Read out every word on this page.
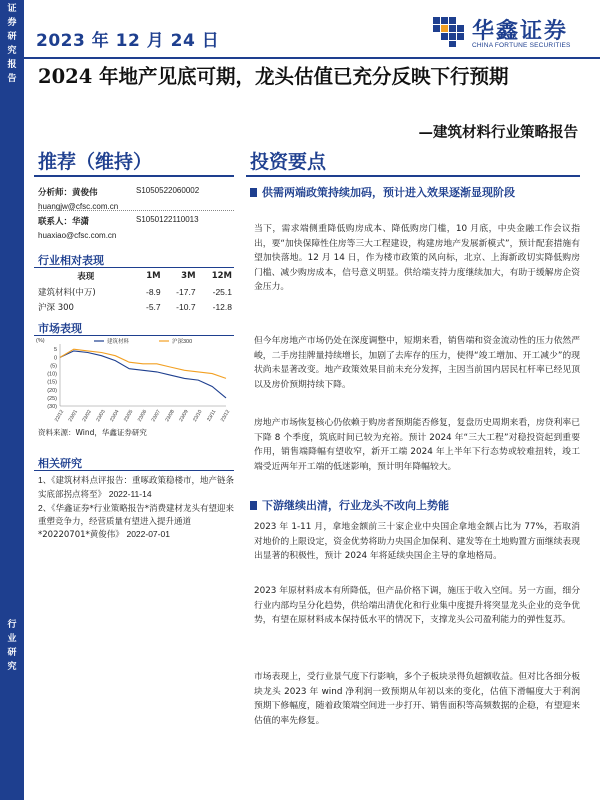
证
券
研
究
报
告
行
业
研
究
2023 年 12 月 24 日	华鑫证券
CHINA FORTUNE SECURITIES
2024 年地产见底可期，龙头估值已充分反映下行预期
—建筑材料行业策略报告
推荐（维持）	投资要点
分析师：黄俊伟	S1050522060002
huangjw@cfsc.com.cn
联系人：华潇	S1050122110013
huaxiao@cfsc.com.cn
行业相对表现
表现	1M	3M	12M
建筑材料(中万)	-8.9	-17.7	-25.1
沪深 300	-5.7	-10.7	-12.8
市场表现
(30)
(25)
(20)
(15)
(10)
(5)
0
5
(%)
22/12 23/01 23/02 23/03 23/04 23/05 23/06 23/07 23/08 23/09 23/10 23/11 23/12
建筑材料	沪深300
资料来源：Wind，华鑫证券研究
相关研究
1、《建筑材料点评报告：重啄政策稳楼市，地产链条实底部拐点将至》 2022-11-14
2、《华鑫证券*行业策略报告*消费建材龙头有望迎来重塑竞争力，经营质量有望进入提升通道*20220701*黄俊伟》 2022-07-01
供需两端政策持续加码，预计进入效果逐渐显现阶段
当下，需求端侧重降低购房成本、降低购房门槛，10 月底，中央金融工作会议指出，要“加快保障性住房等三大工程建设，构建房地产发展新模式”，预计配套措施有望加快落地。12 月 14 日，作为楼市政策的风向标，北京、上海新政切实降低购房门槛、减少购房成本，信号意义明显。供给端支持力度继续加大，有助于缓解房企资金压力。
但今年房地产市场仍处在深度调整中，短期来看，销售端和资金流动性的压力依然严峻，二手房挂牌量持续增长，加剧了去库存的压力，使得“竣工增加、开工减少”的现状尚未显著改变。地产政策效果目前未充分发挥，主因当前国内居民杠杆率已经见顶以及房价预期持续下降。
房地产市场恢复核心仍依赖于购房者预期能否修复，复盘历史周期来看，房贷利率已下降 8 个季度，筑底时间已较为充裕。预计 2024 年“三大工程”对稳投资起到重要作用，销售端降幅有望收窄，新开工端 2024 年上半年下行态势或较难扭转，竣工端受近两年开工端的低迷影响，预计明年降幅较大。
下游继续出清，行业龙头不改向上势能
2023 年 1-11 月，拿地金额前三十家企业中央国企拿地金额占比为 77%，若取消对地价的上限设定，资金优势将助力央国企加保利、建发等在土地购置方面继续表现出显著的积极性，预计 2024 年将延续央国企主导的拿地格局。
2023 年原材料成本有所降低，但产品价格下调，施压于收入空间。另一方面，细分行业内部均呈分化趋势，供给端出清优化和行业集中度提升将突显龙头企业的竞争优势，有望在原材料成本保持低水平的情况下，支撑龙头公司盈利能力的弹性复苏。
市场表现上，受行业景气度下行影响，多个子板块录得负超额收益。但对比各细分板块龙头 2023 年 wind 净利润一致预期从年初以来的变化，估值下滑幅度大于利润预期下修幅度，随着政策端空间进一步打开、销售面积等高频数据的企稳，有望迎来估值的率先修复。
